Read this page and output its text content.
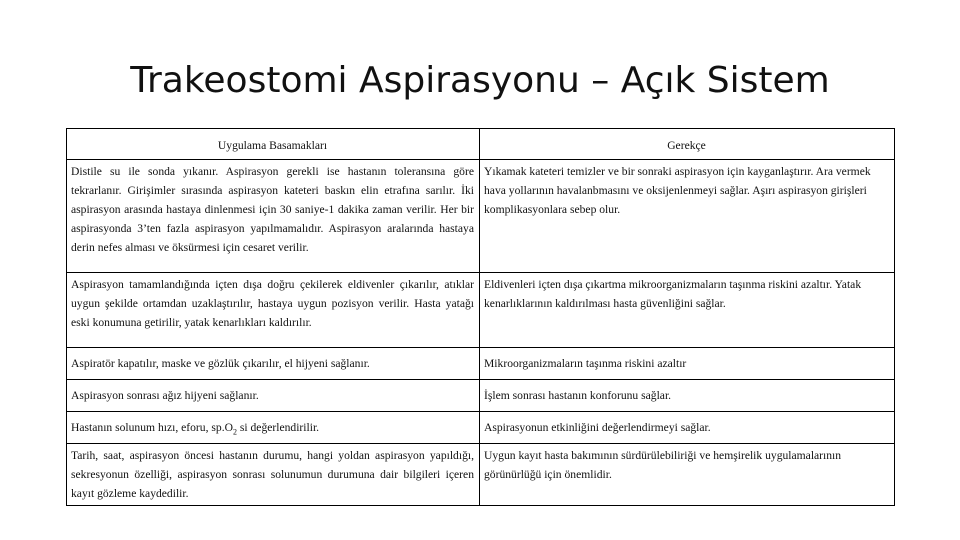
Trakeostomi Aspirasyonu – Açık Sistem
Uygulama Basamakları	Gerekçe
Distile su ile sonda yıkanır. Aspirasyon gerekli ise hastanın toleransına göre tekrarlanır. Girişimler sırasında aspirasyon kateteri baskın elin etrafına sarılır. İki aspirasyon arasında hastaya dinlenmesi için 30 saniye-1 dakika zaman verilir. Her bir aspirasyonda 3’ten fazla aspirasyon yapılmamalıdır. Aspirasyon aralarında hastaya derin nefes alması ve öksürmesi için cesaret verilir.	Yıkamak kateteri temizler ve bir sonraki aspirasyon için kayganlaştırır. Ara vermek hava yollarının havalanbmasını ve oksijenlenmeyi sağlar. Aşırı aspirasyon girişleri komplikasyonlara sebep olur.
Aspirasyon tamamlandığında içten dışa doğru çekilerek eldivenler çıkarılır, atıklar uygun şekilde ortamdan uzaklaştırılır, hastaya uygun pozisyon verilir. Hasta yatağı eski konumuna getirilir, yatak kenarlıkları kaldırılır.	Eldivenleri içten dışa çıkartma mikroorganizmaların taşınma riskini azaltır. Yatak kenarlıklarının kaldırılması hasta güvenliğini sağlar.
Aspiratör kapatılır, maske ve gözlük çıkarılır, el hijyeni sağlanır.	Mikroorganizmaların taşınma riskini azaltır
Aspirasyon sonrası ağız hijyeni sağlanır.	İşlem sonrası hastanın konforunu sağlar.
Hastanın solunum hızı, eforu, $sp.O_2$ si değerlendirilir.	Aspirasyonun etkinliğini değerlendirmeyi sağlar.
Tarih, saat, aspirasyon öncesi hastanın durumu, hangi yoldan aspirasyon yapıldığı, sekresyonun özelliği, aspirasyon sonrası solunumun durumuna dair bilgileri içeren kayıt gözleme kaydedilir.	Uygun kayıt hasta bakımının sürdürülebiliriği ve hemşirelik uygulamalarının görünürlüğü için önemlidir.
